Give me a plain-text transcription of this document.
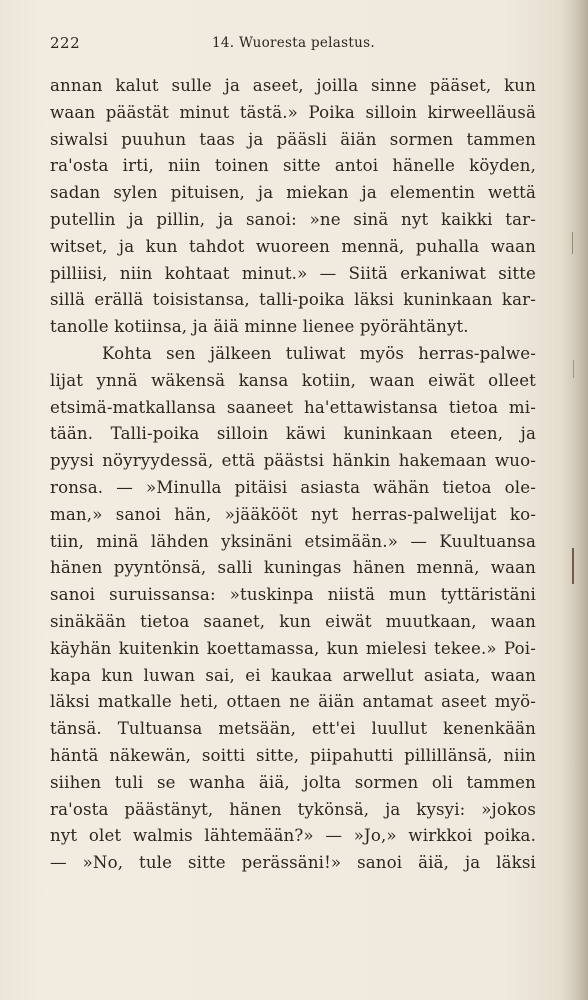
222	14. Wuoresta pelastus.
annan kalut sulle ja aseet, joilla sinne pääset, kun
waan päästät minut tästä.» Poika silloin kirweelläusä
siwalsi puuhun taas ja pääsli äiän sormen tammen
ra'osta irti, niin toinen sitte antoi hänelle köyden,
sadan sylen pituisen, ja miekan ja elementin wettä
putellin ja pillin, ja sanoi: »ne sinä nyt kaikki tar-
witset, ja kun tahdot wuoreen mennä, puhalla waan
pilliisi, niin kohtaat minut.» — Siitä erkaniwat sitte
sillä erällä toisistansa, talli-poika läksi kuninkaan kar-
tanolle kotiinsa, ja äiä minne lienee pyörähtänyt.
Kohta sen jälkeen tuliwat myös herras-palwe-
lijat ynnä wäkensä kansa kotiin, waan eiwät olleet
etsimä-matkallansa saaneet ha'ettawistansa tietoa mi-
tään. Talli-poika silloin käwi kuninkaan eteen, ja
pyysi nöyryydessä, että päästsi hänkin hakemaan wuo-
ronsa. — »Minulla pitäisi asiasta wähän tietoa ole-
man,» sanoi hän, »jääkööt nyt herras-palwelijat ko-
tiin, minä lähden yksinäni etsimään.» — Kuultuansa
hänen pyyntönsä, salli kuningas hänen mennä, waan
sanoi suruissansa: »tuskinpa niistä mun tyttäristäni
sinäkään tietoa saanet, kun eiwät muutkaan, waan
käyhän kuitenkin koettamassa, kun mielesi tekee.» Poi-
kapa kun luwan sai, ei kaukaa arwellut asiata, waan
läksi matkalle heti, ottaen ne äiän antamat aseet myö-
tänsä. Tultuansa metsään, ett'ei luullut kenenkään
häntä näkewän, soitti sitte, piipahutti pillillänsä, niin
siihen tuli se wanha äiä, jolta sormen oli tammen
ra'osta päästänyt, hänen tykönsä, ja kysyi: »jokos
nyt olet walmis lähtemään?» — »Jo,» wirkkoi poika.
— »No, tule sitte perässäni!» sanoi äiä, ja läksi
